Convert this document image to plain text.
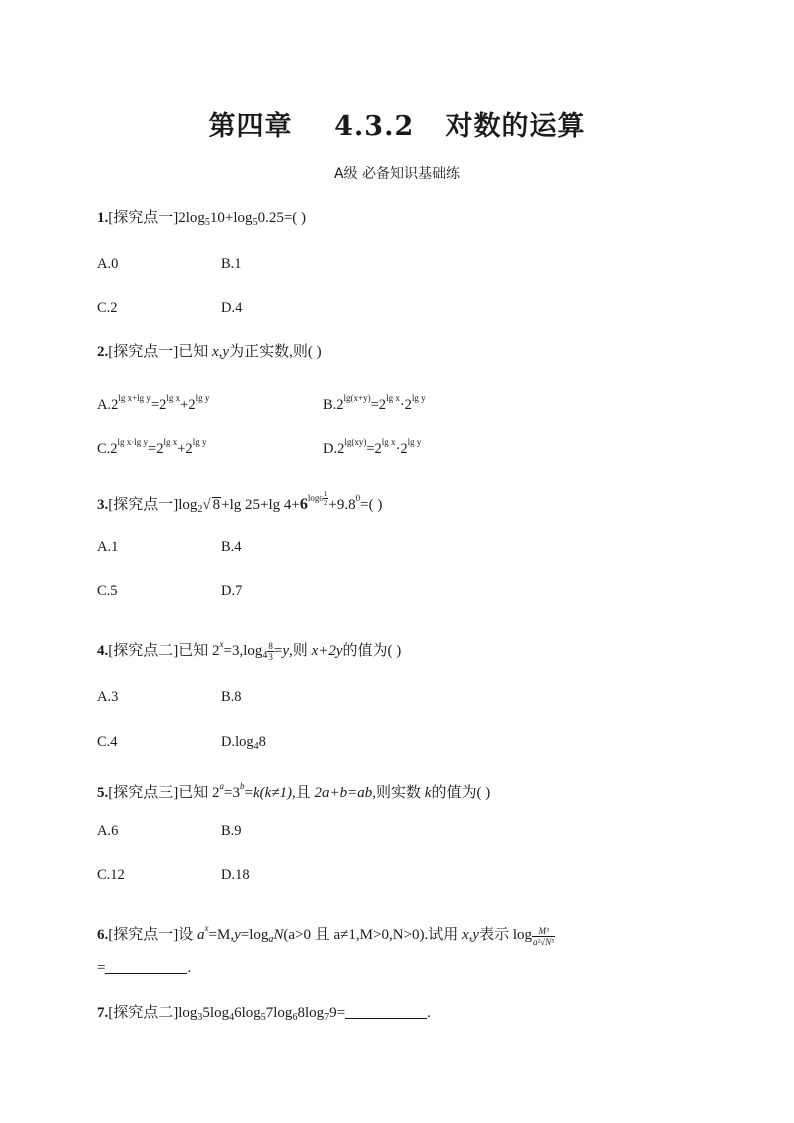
第四章 4.3.2 对数的运算
A级 必备知识基础练
1.[探究点一]$2\log_510+\log_50.25=$( )
A.0	B.1
C.2	D.4
2.[探究点一]已知 x,y为正实数,则( )
$A.2^{lg x+lg y}=2^{lg x}+2^{lg y}$	$B.2^{lg(x+y)}=2^{lg x}\cdot 2^{lg y}$
$C.2^{lg x\cdot lg y}=2^{lg x}+2^{lg y}$	$D.2^{lg(xy)}=2^{lg x}\cdot 2^{lg y}$
3.[探究点一]$\log_2√$ 8+lg 25+lg $4+6^{log6 \frac{1}{2}} +9.8^0=$( )
A.1	B.4
C.5	D.7
4.[探究点二]已知 $2^x=3,\log_4 \frac{8}{3} =y$,则 x+2y的值为( )
A.3	B.8
C.4	$D.\log_48$
5.[探究点三]已知 $2^a=3^b=k(k\ne 1)$,且 2a+b=ab,则实数 k的值为( )
A.6	B.9
C.12	D.18
6.[探究点一]设 $a^x=M,y=\log_aN(a>0$ 且 a≠1,M>0,N>0).试用 x,y表示 $\log \frac{\text{M³}}{\text{a²√N⁵}}$
=	.
7.[探究点二]$\log_35\log_46\log_57\log_68\log_79=$	.
